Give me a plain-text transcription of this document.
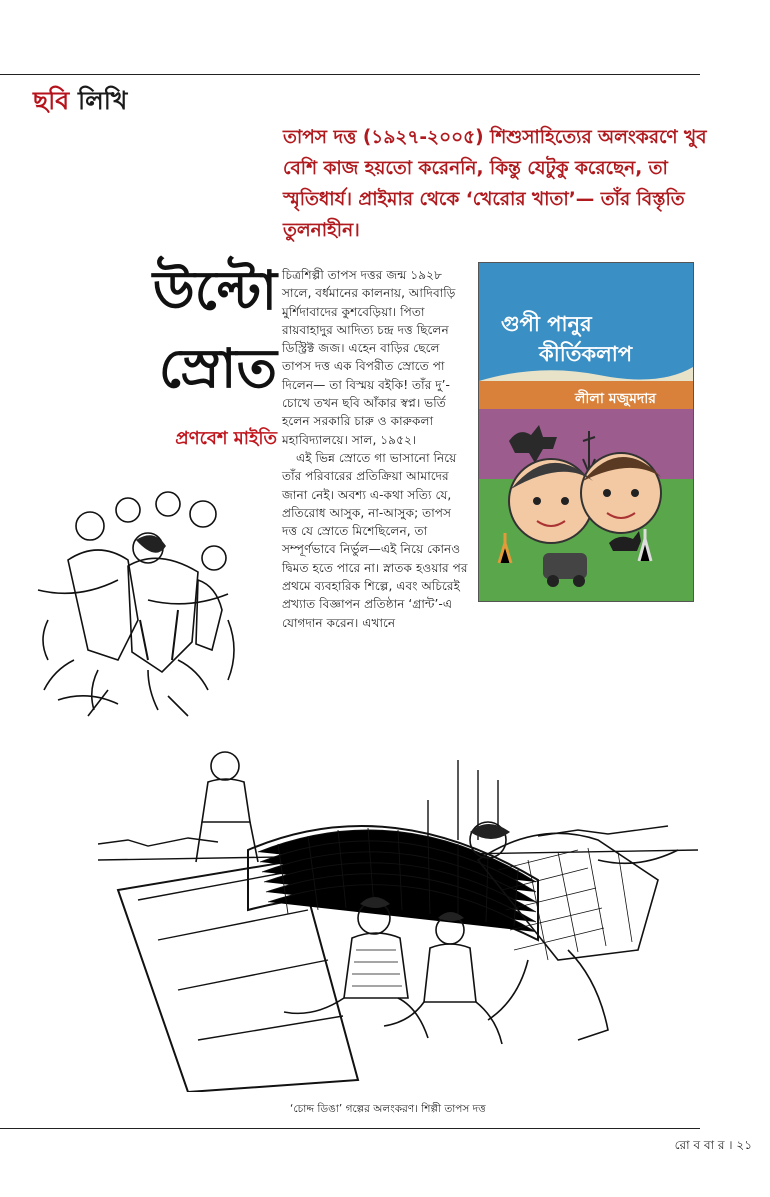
ছবি লিখি
তাপস দত্ত (১৯২৭-২০০৫) শিশুসাহিত্যের অলংকরণে খুব বেশি কাজ হয়তো করেননি, কিন্তু যেটুকু করেছেন, তা স্মৃতিধার্য। প্রাইমার থেকে ‘খেরোর খাতা’— তাঁর বিস্তৃতি তুলনাহীন।
উল্টো
স্রোত
প্রণবেশ মাইতি

চিত্রশিল্পী তাপস দত্তর জন্ম ১৯২৮ সালে, বর্ধমানের কালনায়, আদিবাড়ি মুর্শিদাবাদের কুশবেড়িয়া। পিতা রায়বাহাদুর আদিত্য চন্দ্র দত্ত ছিলেন ডিস্ট্রিক্ট জজ। এহেন বাড়ির ছেলে তাপস দত্ত এক বিপরীত স্রোতে পা দিলেন— তা বিস্ময় বইকি! তাঁর দু’-চোখে তখন ছবি আঁকার স্বপ্ন। ভর্তি হলেন সরকারি চারু ও কারুকলা মহাবিদ্যালয়ে। সাল, ১৯৫২।

এই ভিন্ন স্রোতে গা ভাসানো নিয়ে তাঁর পরিবারের প্রতিক্রিয়া আমাদের জানা নেই। অবশ্য এ-কথা সত্যি যে, প্রতিরোধ আসুক, না-আসুক; তাপস দত্ত যে স্রোতে মিশেছিলেন, তা সম্পূর্ণভাবে নির্ভুল—এই নিয়ে কোনও দ্বিমত হতে পারে না। স্নাতক হওয়ার পর প্রথমে ব্যবহারিক শিল্পে, এবং অচিরেই প্রখ্যাত বিজ্ঞাপন প্রতিষ্ঠান ‘গ্রান্ট’-এ যোগদান করেন। এখানে

গুপী পানুর
কীর্তিকলাপ
লীলা মজুমদার
‘চোদ্দ ডিঙা’ গল্পের অলংকরণ। শিল্পী তাপস দত্ত
রো ব বা র । ২১
